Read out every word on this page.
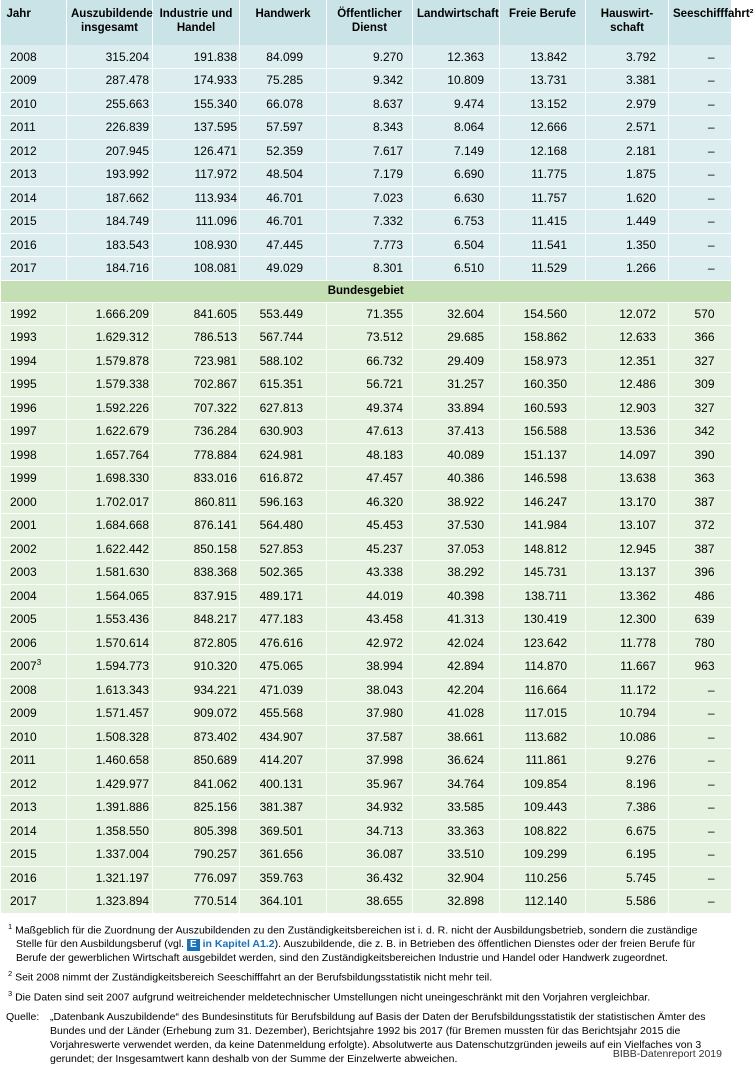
Jahr	Auszubildende insgesamt	Industrie und Handel	Handwerk	Öffentlicher Dienst	Landwirtschaft	Freie Berufe	Hauswirt-schaft	Seeschifffahrt²
2008	315.204	191.838	84.099	9.270	12.363	13.842	3.792	–
2009	287.478	174.933	75.285	9.342	10.809	13.731	3.381	–
2010	255.663	155.340	66.078	8.637	9.474	13.152	2.979	–
2011	226.839	137.595	57.597	8.343	8.064	12.666	2.571	–
2012	207.945	126.471	52.359	7.617	7.149	12.168	2.181	–
2013	193.992	117.972	48.504	7.179	6.690	11.775	1.875	–
2014	187.662	113.934	46.701	7.023	6.630	11.757	1.620	–
2015	184.749	111.096	46.701	7.332	6.753	11.415	1.449	–
2016	183.543	108.930	47.445	7.773	6.504	11.541	1.350	–
2017	184.716	108.081	49.029	8.301	6.510	11.529	1.266	–
Bundesgebiet								
1992	1.666.209	841.605	553.449	71.355	32.604	154.560	12.072	570
1993	1.629.312	786.513	567.744	73.512	29.685	158.862	12.633	366
1994	1.579.878	723.981	588.102	66.732	29.409	158.973	12.351	327
1995	1.579.338	702.867	615.351	56.721	31.257	160.350	12.486	309
1996	1.592.226	707.322	627.813	49.374	33.894	160.593	12.903	327
1997	1.622.679	736.284	630.903	47.613	37.413	156.588	13.536	342
1998	1.657.764	778.884	624.981	48.183	40.089	151.137	14.097	390
1999	1.698.330	833.016	616.872	47.457	40.386	146.598	13.638	363
2000	1.702.017	860.811	596.163	46.320	38.922	146.247	13.170	387
2001	1.684.668	876.141	564.480	45.453	37.530	141.984	13.107	372
2002	1.622.442	850.158	527.853	45.237	37.053	148.812	12.945	387
2003	1.581.630	838.368	502.365	43.338	38.292	145.731	13.137	396
2004	1.564.065	837.915	489.171	44.019	40.398	138.711	13.362	486
2005	1.553.436	848.217	477.183	43.458	41.313	130.419	12.300	639
2006	1.570.614	872.805	476.616	42.972	42.024	123.642	11.778	780
2007$^3$	1.594.773	910.320	475.065	38.994	42.894	114.870	11.667	963
2008	1.613.343	934.221	471.039	38.043	42.204	116.664	11.172	–
2009	1.571.457	909.072	455.568	37.980	41.028	117.015	10.794	–
2010	1.508.328	873.402	434.907	37.587	38.661	113.682	10.086	–
2011	1.460.658	850.689	414.207	37.998	36.624	111.861	9.276	–
2012	1.429.977	841.062	400.131	35.967	34.764	109.854	8.196	–
2013	1.391.886	825.156	381.387	34.932	33.585	109.443	7.386	–
2014	1.358.550	805.398	369.501	34.713	33.363	108.822	6.675	–
2015	1.337.004	790.257	361.656	36.087	33.510	109.299	6.195	–
2016	1.321.197	776.097	359.763	36.432	32.904	110.256	5.745	–
2017	1.323.894	770.514	364.101	38.655	32.898	112.140	5.586	–

$^1$ Maßgeblich für die Zuordnung der Auszubildenden zu den Zuständigkeitsbereichen ist i. d. R. nicht der Ausbildungsbetrieb, sondern die zuständige Stelle für den Ausbildungsberuf (vgl. E in Kapitel A1.2). Auszubildende, die z. B. in Betrieben des öffentlichen Dienstes oder der freien Berufe für Berufe der gewerblichen Wirtschaft ausgebildet werden, sind den Zuständigkeitsbereichen Industrie und Handel oder Handwerk zugeordnet.

$^2$ Seit 2008 nimmt der Zuständigkeitsbereich Seeschifffahrt an der Berufsbildungsstatistik nicht mehr teil.

$^3$ Die Daten sind seit 2007 aufgrund weitreichender meldetechnischer Umstellungen nicht uneingeschränkt mit den Vorjahren vergleichbar.

Quelle:	„Datenbank Auszubildende“ des Bundesinstituts für Berufsbildung auf Basis der Daten der Berufsbildungsstatistik der statistischen Ämter des Bundes und der Länder (Erhebung zum 31. Dezember), Berichtsjahre 1992 bis 2017 (für Bremen mussten für das Berichtsjahr 2015 die Vorjahreswerte verwendet werden, da keine Datenmeldung erfolgte). Absolutwerte aus Datenschutzgründen jeweils auf ein Vielfaches von 3 gerundet; der Insgesamtwert kann deshalb von der Summe der Einzelwerte abweichen.	BIBB-Datenreport 2019
